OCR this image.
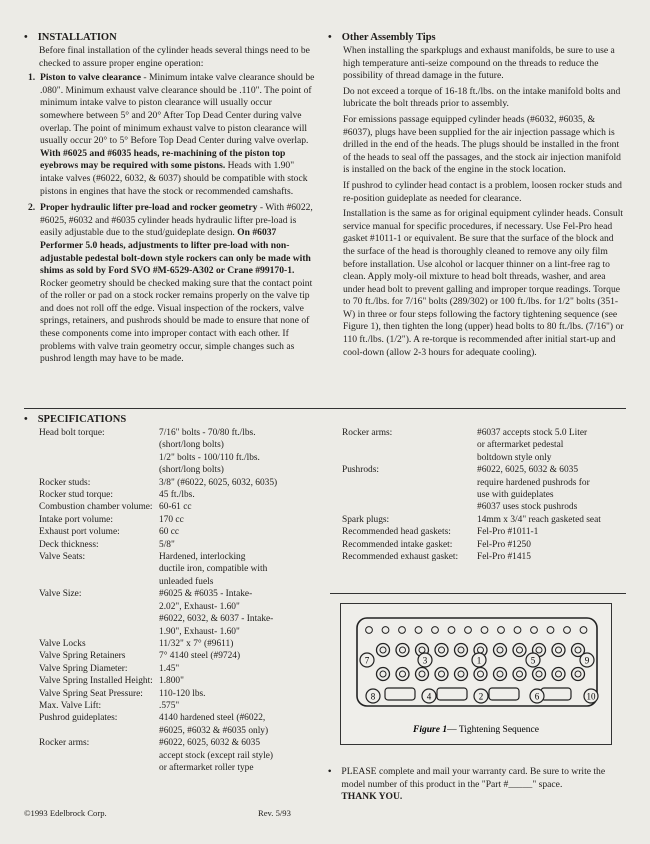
• INSTALLATION

Before final installation of the cylinder heads several things need to be checked to assure proper engine operation:

1. Piston to valve clearance - Minimum intake valve clearance should be .080". Minimum exhaust valve clearance should be .110". The point of minimum intake valve to piston clearance will usually occur somewhere between 5° and 20° After Top Dead Center during valve overlap. The point of minimum exhaust valve to piston clearance will usually occur 20° to 5° Before Top Dead Center during valve overlap. With #6025 and #6035 heads, re-machining of the piston top eyebrows may be required with some pistons. Heads with 1.90" intake valves (#6022, 6032, & 6037) should be compatible with stock pistons in engines that have the stock or recommended camshafts.
2. Proper hydraulic lifter pre-load and rocker geometry - With #6022, #6025, #6032 and #6035 cylinder heads hydraulic lifter pre-load is easily adjustable due to the stud/guideplate design. On #6037 Performer 5.0 heads, adjustments to lifter pre-load with non-adjustable pedestal bolt-down style rockers can only be made with shims as sold by Ford SVO #M-6529-A302 or Crane #99170-1. Rocker geometry should be checked making sure that the contact point of the roller or pad on a stock rocker remains properly on the valve tip and does not roll off the edge. Visual inspection of the rockers, valve springs, retainers, and pushrods should be made to ensure that none of these components come into improper contact with each other. If problems with valve train geometry occur, simple changes such as pushrod length may have to be made.
• Other Assembly Tips

When installing the sparkplugs and exhaust manifolds, be sure to use a high temperature anti-seize compound on the threads to reduce the possibility of thread damage in the future.

Do not exceed a torque of 16-18 ft./lbs. on the intake manifold bolts and lubricate the bolt threads prior to assembly.

For emissions passage equipped cylinder heads (#6032, #6035, & #6037), plugs have been supplied for the air injection passage which is drilled in the end of the heads. The plugs should be installed in the front of the heads to seal off the passages, and the stock air injection manifold is installed on the back of the engine in the stock location.

If pushrod to cylinder head contact is a problem, loosen rocker studs and re-position guideplate as needed for clearance.

Installation is the same as for original equipment cylinder heads. Consult service manual for specific procedures, if necessary. Use Fel-Pro head gasket #1011-1 or equivalent. Be sure that the surface of the block and the surface of the head is thoroughly cleaned to remove any oily film before installation. Use alcohol or lacquer thinner on a lint-free rag to clean. Apply moly-oil mixture to head bolt threads, washer, and area under head bolt to prevent galling and improper torque readings. Torque to 70 ft./lbs. for 7/16" bolts (289/302) or 100 ft./lbs. for 1/2" bolts (351-W) in three or four steps following the factory tightening sequence (see Figure 1), then tighten the long (upper) head bolts to 80 ft./lbs. (7/16") or 110 ft./lbs. (1/2"). A re-torque is recommended after initial start-up and cool-down (allow 2-3 hours for adequate cooling).

• SPECIFICATIONS
Head bolt torque:	7/16" bolts - 70/80 ft./lbs.
(short/long bolts)
1/2" bolts - 100/110 ft./lbs.
(short/long bolts)
Rocker studs:	3/8" (#6022, 6025, 6032, 6035)
Rocker stud torque:	45 ft./lbs.
Combustion chamber volume:	60-61 cc
Intake port volume:	170 cc
Exhaust port volume:	60 cc
Deck thickness:	5/8"
Valve Seats:	Hardened, interlocking
ductile iron, compatible with
unleaded fuels
Valve Size:	#6025 & #6035 - Intake-
2.02", Exhaust- 1.60"
#6022, 6032, & 6037 - Intake-
1.90", Exhaust- 1.60"
Valve Locks	11/32" x 7° (#9611)
Valve Spring Retainers	7° 4140 steel (#9724)
Valve Spring Diameter:	1.45"
Valve Spring Installed Height:	1.800"
Valve Spring Seat Pressure:	110-120 lbs.
Max. Valve Lift:	.575"
Pushrod guideplates:	4140 hardened steel (#6022,
#6025, #6032 & #6035 only)
Rocker arms:	#6022, 6025, 6032 & 6035
accept stock (except rail style)
or aftermarket roller type
Rocker arms:	#6037 accepts stock 5.0 Liter
or aftermarket pedestal
boltdown style only
Pushrods:	#6022, 6025, 6032 & 6035
require hardened pushrods for
use with guideplates
#6037 uses stock pushrods
Spark plugs:	14mm x 3/4" reach gasketed seat
Recommended head gaskets:	Fel-Pro #1011-1
Recommended intake gasket:	Fel-Pro #1250
Recommended exhaust gasket:	Fel-Pro #1415
7	3	1	5	9
8	4	2	6	10
Figure 1— Tightening Sequence
• PLEASE complete and mail your warranty card. Be sure to write the model number of this product in the "Part #_____" space.

THANK YOU.

©1993 Edelbrock Corp.	Rev. 5/93
